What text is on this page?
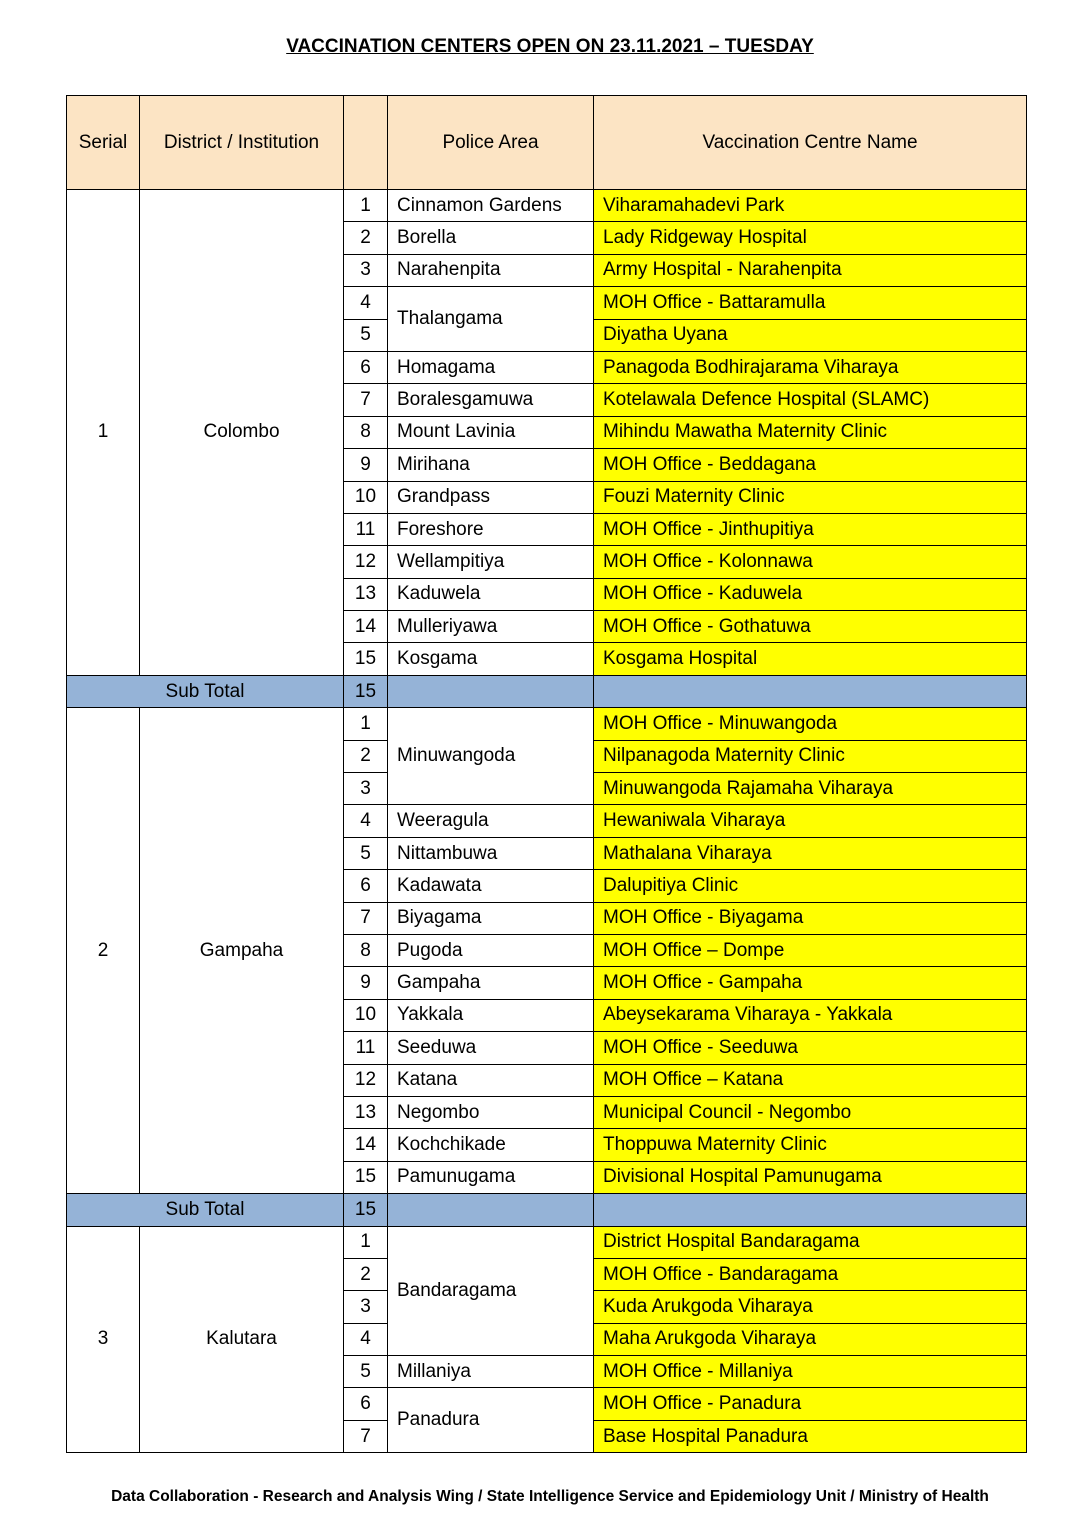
VACCINATION CENTERS OPEN ON 23.11.2021 – TUESDAY
Serial	District / Institution		Police Area	Vaccination Centre Name
1	Colombo	1	Cinnamon Gardens	Viharamahadevi Park
		2	Borella	Lady Ridgeway Hospital
		3	Narahenpita	Army Hospital - Narahenpita
		4	Thalangama	MOH Office - Battaramulla
		5		Diyatha Uyana
		6	Homagama	Panagoda Bodhirajarama Viharaya
		7	Boralesgamuwa	Kotelawala Defence Hospital (SLAMC)
		8	Mount Lavinia	Mihindu Mawatha Maternity Clinic
		9	Mirihana	MOH Office - Beddagana
		10	Grandpass	Fouzi Maternity Clinic
		11	Foreshore	MOH Office - Jinthupitiya
		12	Wellampitiya	MOH Office - Kolonnawa
		13	Kaduwela	MOH Office - Kaduwela
		14	Mulleriyawa	MOH Office - Gothatuwa
		15	Kosgama	Kosgama Hospital
Sub Total		15		
2	Gampaha	1	Minuwangoda	MOH Office - Minuwangoda
		2		Nilpanagoda Maternity Clinic
		3		Minuwangoda Rajamaha Viharaya
		4	Weeragula	Hewaniwala Viharaya
		5	Nittambuwa	Mathalana Viharaya
		6	Kadawata	Dalupitiya Clinic
		7	Biyagama	MOH Office - Biyagama
		8	Pugoda	MOH Office – Dompe
		9	Gampaha	MOH Office - Gampaha
		10	Yakkala	Abeysekarama Viharaya - Yakkala
		11	Seeduwa	MOH Office - Seeduwa
		12	Katana	MOH Office – Katana
		13	Negombo	Municipal Council - Negombo
		14	Kochchikade	Thoppuwa Maternity Clinic
		15	Pamunugama	Divisional Hospital Pamunugama
Sub Total		15		
3	Kalutara	1	Bandaragama	District Hospital Bandaragama
		2		MOH Office - Bandaragama
		3		Kuda Arukgoda Viharaya
		4		Maha Arukgoda Viharaya
		5	Millaniya	MOH Office - Millaniya
		6	Panadura	MOH Office - Panadura
		7		Base Hospital Panadura
Data Collaboration - Research and Analysis Wing / State Intelligence Service and Epidemiology Unit / Ministry of Health
